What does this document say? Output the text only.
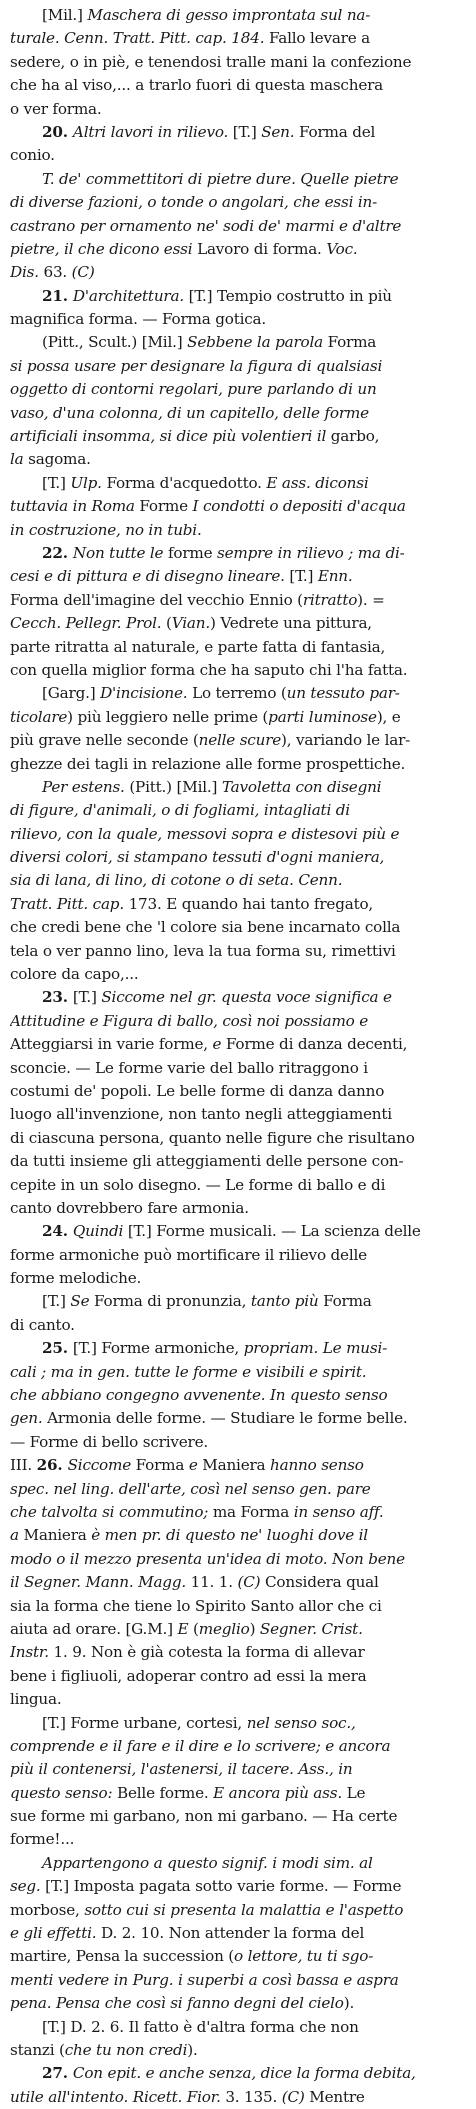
[Mil.] Maschera di gesso improntata sul na-
turale. Cenn. Tratt. Pitt. cap. 184. Fallo levare a
sedere, o in piè, e tenendosi tralle mani la confezione
che ha al viso,... a trarlo fuori di questa maschera
o ver forma.
20. Altri lavori in rilievo. [T.] Sen. Forma del
conio.
T. de' commettitori di pietre dure. Quelle pietre
di diverse fazioni, o tonde o angolari, che essi in-
castrano per ornamento ne' sodi de' marmi e d'altre
pietre, il che dicono essi Lavoro di forma. Voc.
Dis. 63. (C)
21. D'architettura. [T.] Tempio costrutto in più
magnifica forma. — Forma gotica.
(Pitt., Scult.) [Mil.] Sebbene la parola Forma
si possa usare per designare la figura di qualsiasi
oggetto di contorni regolari, pure parlando di un
vaso, d'una colonna, di un capitello, delle forme
artificiali insomma, si dice più volentieri il garbo,
la sagoma.
[T.] Ulp. Forma d'acquedotto. E ass. diconsi
tuttavia in Roma Forme I condotti o depositi d'acqua
in costruzione, no in tubi.
22. Non tutte le forme sempre in rilievo ; ma di-
cesi e di pittura e di disegno lineare. [T.] Enn.
Forma dell'imagine del vecchio Ennio (ritratto). =
Cecch. Pellegr. Prol. (Vian.) Vedrete una pittura,
parte ritratta al naturale, e parte fatta di fantasia,
con quella miglior forma che ha saputo chi l'ha fatta.
[Garg.] D'incisione. Lo terremo (un tessuto par-
ticolare) più leggiero nelle prime (parti luminose), e
più grave nelle seconde (nelle scure), variando le lar-
ghezze dei tagli in relazione alle forme prospettiche.
Per estens. (Pitt.) [Mil.] Tavoletta con disegni
di figure, d'animali, o di fogliami, intagliati di
rilievo, con la quale, messovi sopra e distesovi più e
diversi colori, si stampano tessuti d'ogni maniera,
sia di lana, di lino, di cotone o di seta. Cenn.
Tratt. Pitt. cap. 173. E quando hai tanto fregato,
che credi bene che 'l colore sia bene incarnato colla
tela o ver panno lino, leva la tua forma su, rimettivi
colore da capo,...
23. [T.] Siccome nel gr. questa voce significa e
Attitudine e Figura di ballo, così noi possiamo e
Atteggiarsi in varie forme, e Forme di danza decenti,
sconcie. — Le forme varie del ballo ritraggono i
costumi de' popoli. Le belle forme di danza danno
luogo all'invenzione, non tanto negli atteggiamenti
di ciascuna persona, quanto nelle figure che risultano
da tutti insieme gli atteggiamenti delle persone con-
cepite in un solo disegno. — Le forme di ballo e di
canto dovrebbero fare armonia.
24. Quindi [T.] Forme musicali. — La scienza delle
forme armoniche può mortificare il rilievo delle
forme melodiche.
[T.] Se Forma di pronunzia, tanto più Forma
di canto.
25. [T.] Forme armoniche, propriam. Le musi-
cali ; ma in gen. tutte le forme e visibili e spirit.
che abbiano congegno avvenente. In questo senso
gen. Armonia delle forme. — Studiare le forme belle.
— Forme di bello scrivere.
III. 26. Siccome Forma e Maniera hanno senso
spec. nel ling. dell'arte, così nel senso gen. pare
che talvolta si commutino; ma Forma in senso aff.
a Maniera è men pr. di questo ne' luoghi dove il
modo o il mezzo presenta un'idea di moto. Non bene
il Segner. Mann. Magg. 11. 1. (C) Considera qual
sia la forma che tiene lo Spirito Santo allor che ci
aiuta ad orare. [G.M.] E (meglio) Segner. Crist.
Instr. 1. 9. Non è già cotesta la forma di allevar
bene i figliuoli, adoperar contro ad essi la mera
lingua.
[T.] Forme urbane, cortesi, nel senso soc.,
comprende e il fare e il dire e lo scrivere; e ancora
più il contenersi, l'astenersi, il tacere. Ass., in
questo senso: Belle forme. E ancora più ass. Le
sue forme mi garbano, non mi garbano. — Ha certe
forme!...
Appartengono a questo signif. i modi sim. al
seg. [T.] Imposta pagata sotto varie forme. — Forme
morbose, sotto cui si presenta la malattia e l'aspetto
e gli effetti. D. 2. 10. Non attender la forma del
martire, Pensa la succession (o lettore, tu ti sgo-
menti vedere in Purg. i superbi a così bassa e aspra
pena. Pensa che così si fanno degni del cielo).
[T.] D. 2. 6. Il fatto è d'altra forma che non
stanzi (che tu non credi).
27. Con epit. e anche senza, dice la forma debita,
utile all'intento. Ricett. Fior. 3. 135. (C) Mentre
